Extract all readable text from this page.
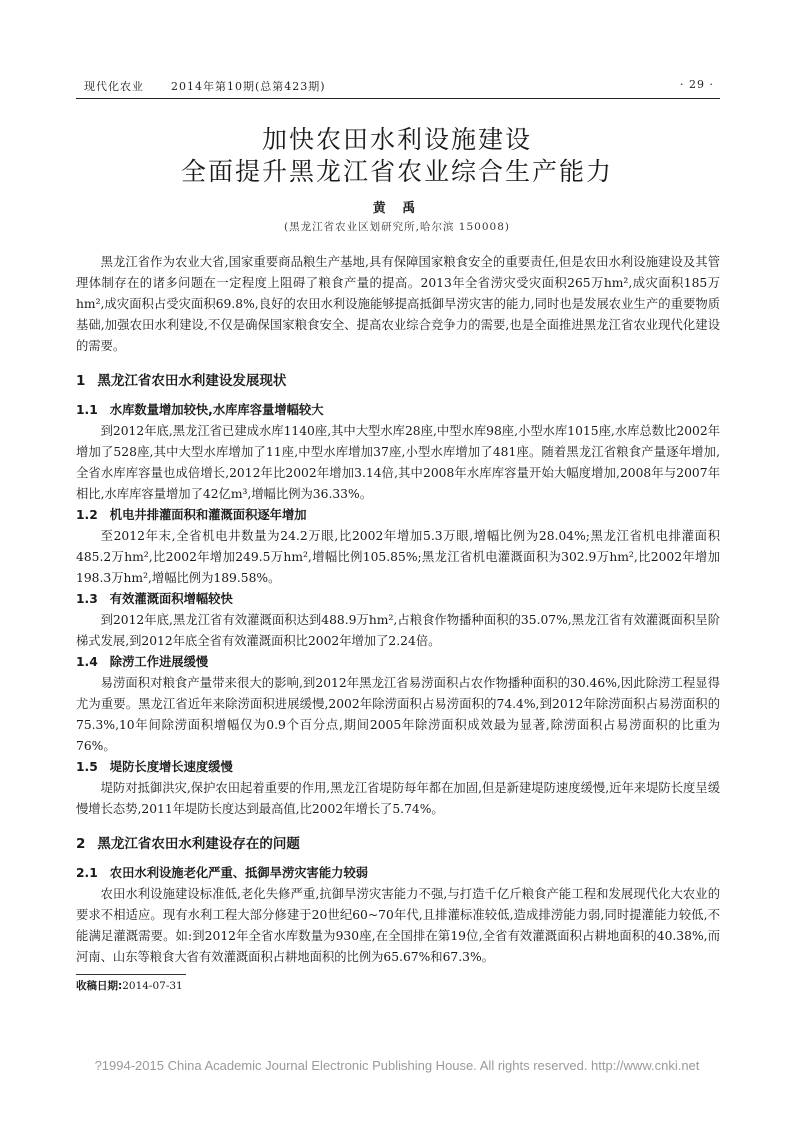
现代化农业 2014年第10期(总第423期)	· 29 ·
加快农田水利设施建设
全面提升黑龙江省农业综合生产能力
黄 禹
(黑龙江省农业区划研究所,哈尔滨 150008)

黑龙江省作为农业大省,国家重要商品粮生产基地,具有保障国家粮食安全的重要责任,但是农田水利设施建设及其管理体制存在的诸多问题在一定程度上阻碍了粮食产量的提高。2013年全省涝灾受灾面积265万hm²,成灾面积185万hm²,成灾面积占受灾面积69.8%,良好的农田水利设施能够提高抵御旱涝灾害的能力,同时也是发展农业生产的重要物质基础,加强农田水利建设,不仅是确保国家粮食安全、提高农业综合竞争力的需要,也是全面推进黑龙江省农业现代化建设的需要。

1 黑龙江省农田水利建设发展现状
1.1 水库数量增加较快,水库库容量增幅较大

到2012年底,黑龙江省已建成水库1140座,其中大型水库28座,中型水库98座,小型水库1015座,水库总数比2002年增加了528座,其中大型水库增加了11座,中型水库增加37座,小型水库增加了481座。随着黑龙江省粮食产量逐年增加,全省水库库容量也成倍增长,2012年比2002年增加3.14倍,其中2008年水库库容量开始大幅度增加,2008年与2007年相比,水库库容量增加了42亿m³,增幅比例为36.33%。

1.2 机电井排灌面积和灌溉面积逐年增加

至2012年末,全省机电井数量为24.2万眼,比2002年增加5.3万眼,增幅比例为28.04%;黑龙江省机电排灌面积485.2万hm²,比2002年增加249.5万hm²,增幅比例105.85%;黑龙江省机电灌溉面积为302.9万hm²,比2002年增加198.3万hm²,增幅比例为189.58%。

1.3 有效灌溉面积增幅较快

到2012年底,黑龙江省有效灌溉面积达到488.9万hm²,占粮食作物播种面积的35.07%,黑龙江省有效灌溉面积呈阶梯式发展,到2012年底全省有效灌溉面积比2002年增加了2.24倍。

1.4 除涝工作进展缓慢

易涝面积对粮食产量带来很大的影响,到2012年黑龙江省易涝面积占农作物播种面积的30.46%,因此除涝工程显得尤为重要。黑龙江省近年来除涝面积进展缓慢,2002年除涝面积占易涝面积的74.4%,到2012年除涝面积占易涝面积的75.3%,10年间除涝面积增幅仅为0.9个百分点,期间2005年除涝面积成效最为显著,除涝面积占易涝面积的比重为76%。

1.5 堤防长度增长速度缓慢

堤防对抵御洪灾,保护农田起着重要的作用,黑龙江省堤防每年都在加固,但是新建堤防速度缓慢,近年来堤防长度呈缓慢增长态势,2011年堤防长度达到最高值,比2002年增长了5.74%。

2 黑龙江省农田水利建设存在的问题
2.1 农田水利设施老化严重、抵御旱涝灾害能力较弱

农田水利设施建设标准低,老化失修严重,抗御旱涝灾害能力不强,与打造千亿斤粮食产能工程和发展现代化大农业的要求不相适应。现有水利工程大部分修建于20世纪60~70年代,且排灌标准较低,造成排涝能力弱,同时提灌能力较低,不能满足灌溉需要。如:到2012年全省水库数量为930座,在全国排在第19位,全省有效灌溉面积占耕地面积的40.38%,而河南、山东等粮食大省有效灌溉面积占耕地面积的比例为65.67%和67.3%。

收稿日期:2014-07-31
?1994-2015 China Academic Journal Electronic Publishing House. All rights reserved. http://www.cnki.net
